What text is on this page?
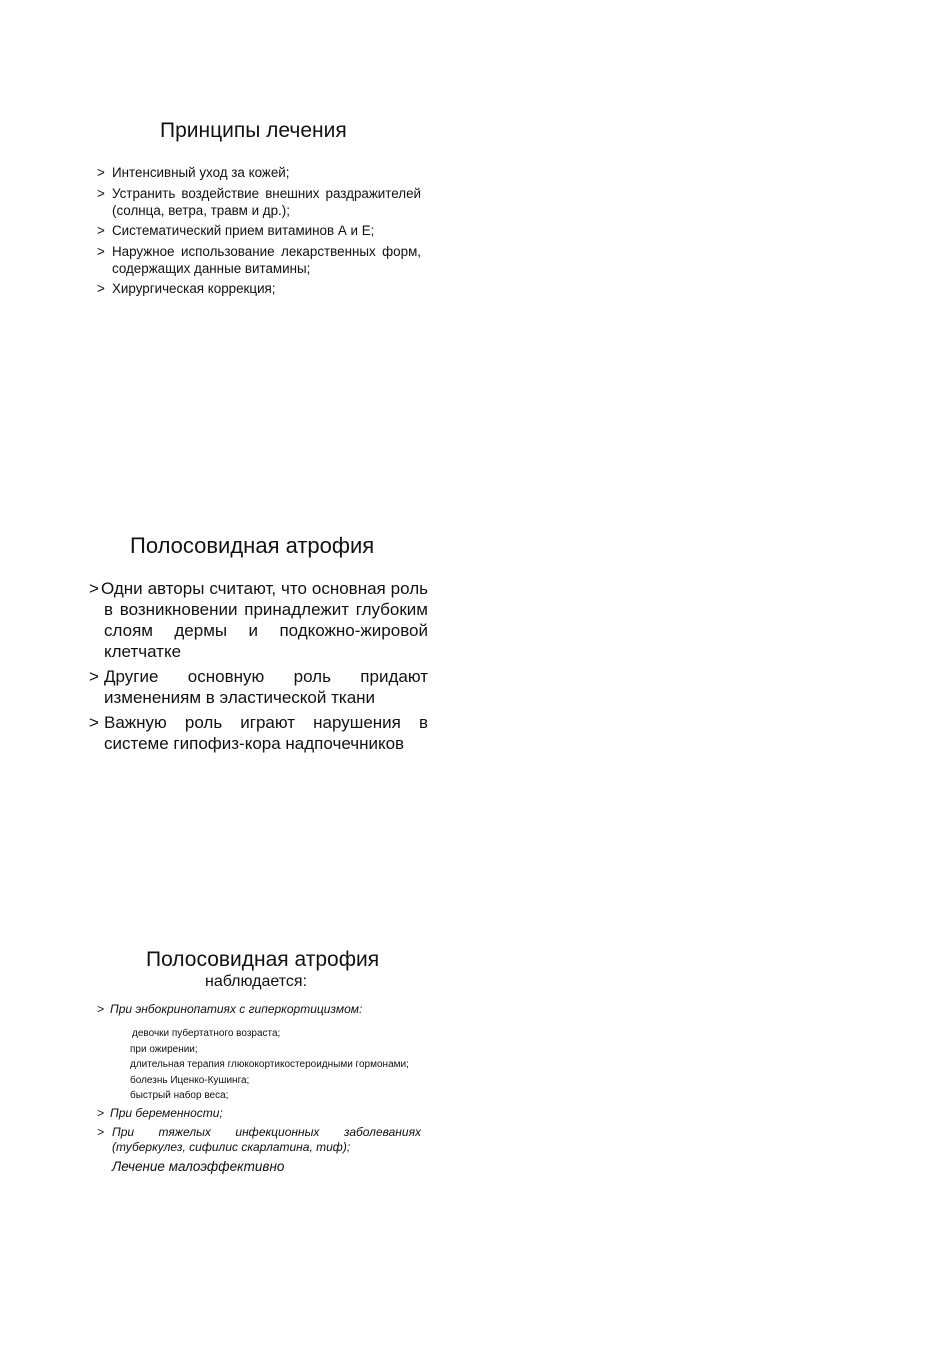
Принципы лечения
> Интенсивный уход за кожей;
> Устранить воздействие внешних раздражителей (солнца, ветра, травм и др.);
> Систематический прием витаминов А и Е;
> Наружное использование лекарственных форм, содержащих данные витамины;
> Хирургическая коррекция;
Полосовидная атрофия
> Одни авторы считают, что основная роль в возникновении принадлежит глубоким слоям дермы и подкожно-жировой клетчатке
> Другие основную роль придают изменениям в эластической ткани
> Важную роль играют нарушения в системе гипофиз-кора надпочечников
Полосовидная атрофия
наблюдается:
> При энбокринопатиях с гиперкортицизмом:
девочки пубертатного возраста;
при ожирении;
длительная терапия глюкокортикостероидными гормонами;
болезнь Иценко-Кушинга;
быстрый набор веса;
> При беременности;
> При тяжелых инфекционных заболеваниях (туберкулез, сифилис скарлатина, тиф);
Лечение малоэффективно
